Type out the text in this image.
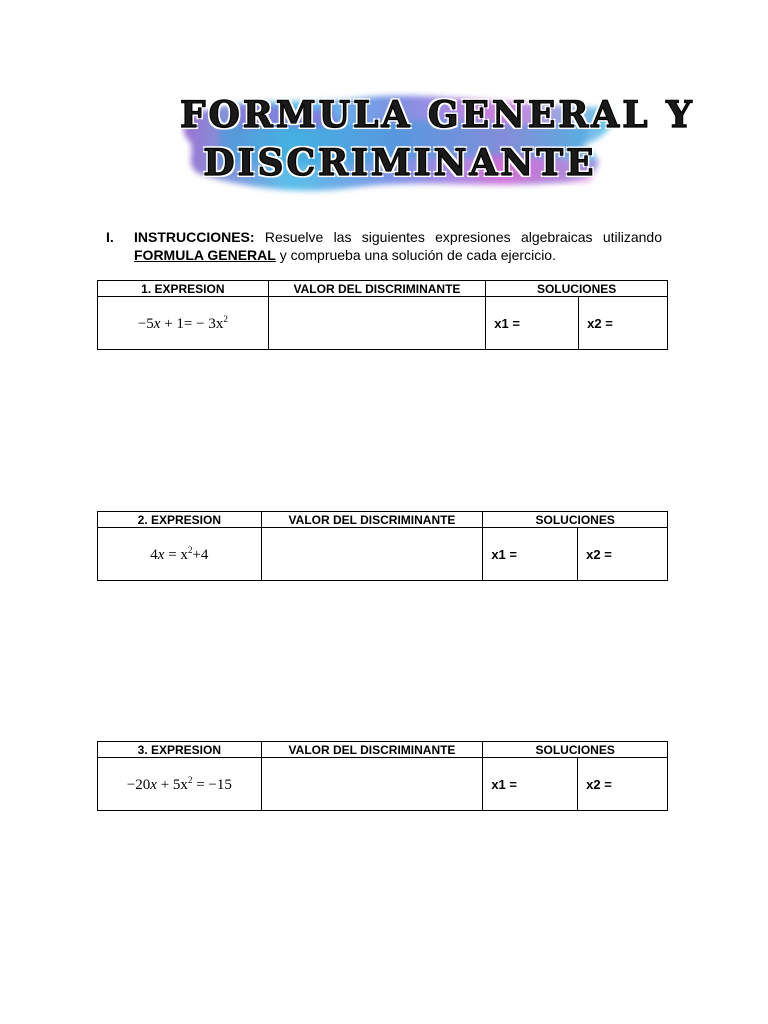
FORMULA GENERAL Y
DISCRIMINANTE
I. INSTRUCCIONES: Resuelve las siguientes expresiones algebraicas utilizando FORMULA GENERAL y comprueba una solución de cada ejercicio.
1. EXPRESION	VALOR DEL DISCRIMINANTE	SOLUCIONES	
$-5x + 1= - 3x^2$		x1 =	x2 =
2. EXPRESION	VALOR DEL DISCRIMINANTE	SOLUCIONES	
$4x = x^2+4$		x1 =	x2 =
3. EXPRESION	VALOR DEL DISCRIMINANTE	SOLUCIONES	
$-20x + 5x^2 = -15$		x1 =	x2 =
